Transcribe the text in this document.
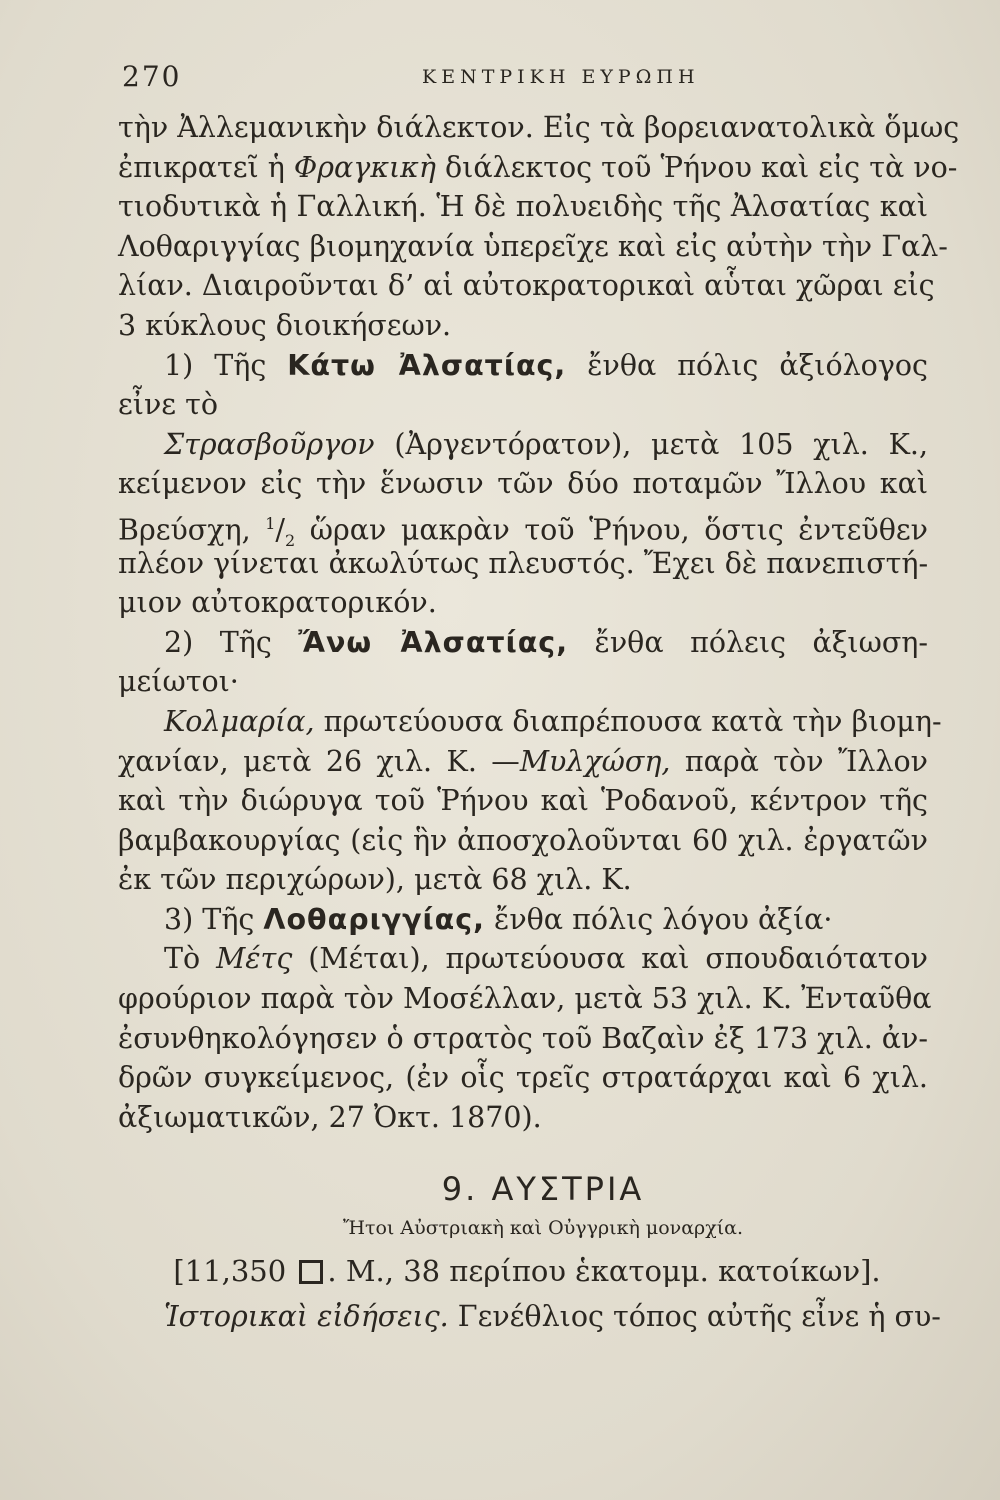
270	ΚΕΝΤΡΙΚΗ ΕΥΡΩΠΗ
τὴν Ἀλλεμανικὴν διάλεκτον. Εἰς τὰ βορειανατολικὰ ὅμως
ἐπικρατεῖ ἡ Φραγκικὴ διάλεκτος τοῦ Ῥήνου καὶ εἰς τὰ νο-
τιοδυτικὰ ἡ Γαλλική. Ἡ δὲ πολυειδὴς τῆς Ἀλσατίας καὶ
Λοθαριγγίας βιομηχανία ὑπερεῖχε καὶ εἰς αὐτὴν τὴν Γαλ-
λίαν. Διαιροῦνται δ’ αἱ αὐτοκρατορικαὶ αὗται χῶραι εἰς
3 κύκλους διοικήσεων.
1) Τῆς Κάτω Ἀλσατίας, ἔνθα πόλις ἀξιόλογος
εἶνε τὸ
Στρασβοῦργον (Ἀργεντόρατον), μετὰ 105 χιλ. Κ.,
κείμενον εἰς τὴν ἕνωσιν τῶν δύο ποταμῶν Ἴλλου καὶ
Βρεύσχη, $^1/_2$ ὥραν μακρὰν τοῦ Ῥήνου, ὅστις ἐντεῦθεν
πλέον γίνεται ἀκωλύτως πλευστός. Ἔχει δὲ πανεπιστή-
μιον αὐτοκρατορικόν.
2) Τῆς Ἄνω Ἀλσατίας, ἔνθα πόλεις ἀξιωση-
μείωτοι·
Κολμαρία, πρωτεύουσα διαπρέπουσα κατὰ τὴν βιομη-
χανίαν, μετὰ 26 χιλ. Κ. —Μυλχώση, παρὰ τὸν Ἴλλον
καὶ τὴν διώρυγα τοῦ Ῥήνου καὶ Ῥοδανοῦ, κέντρον τῆς
βαμβακουργίας (εἰς ἣν ἀποσχολοῦνται 60 χιλ. ἐργατῶν
ἐκ τῶν περιχώρων), μετὰ 68 χιλ. Κ.
3) Τῆς Λοθαριγγίας, ἔνθα πόλις λόγου ἀξία·
Τὸ Μέτς (Μέται), πρωτεύουσα καὶ σπουδαιότατον
φρούριον παρὰ τὸν Μοσέλλαν, μετὰ 53 χιλ. Κ. Ἐνταῦθα
ἐσυνθηκολόγησεν ὁ στρατὸς τοῦ Βαζαὶν ἐξ 173 χιλ. ἀν-
δρῶν συγκείμενος, (ἐν οἷς τρεῖς στρατάρχαι καὶ 6 χιλ.
ἀξιωματικῶν, 27 Ὀκτ. 1870).
9. ΑΥΣΤΡΙΑ
Ἤτοι Αὐστριακὴ καὶ Οὐγγρικὴ μοναρχία.
[11,350 . Μ., 38 περίπου ἑκατομμ. κατοίκων].
Ἱστορικαὶ εἰδήσεις. Γενέθλιος τόπος αὐτῆς εἶνε ἡ συ-
